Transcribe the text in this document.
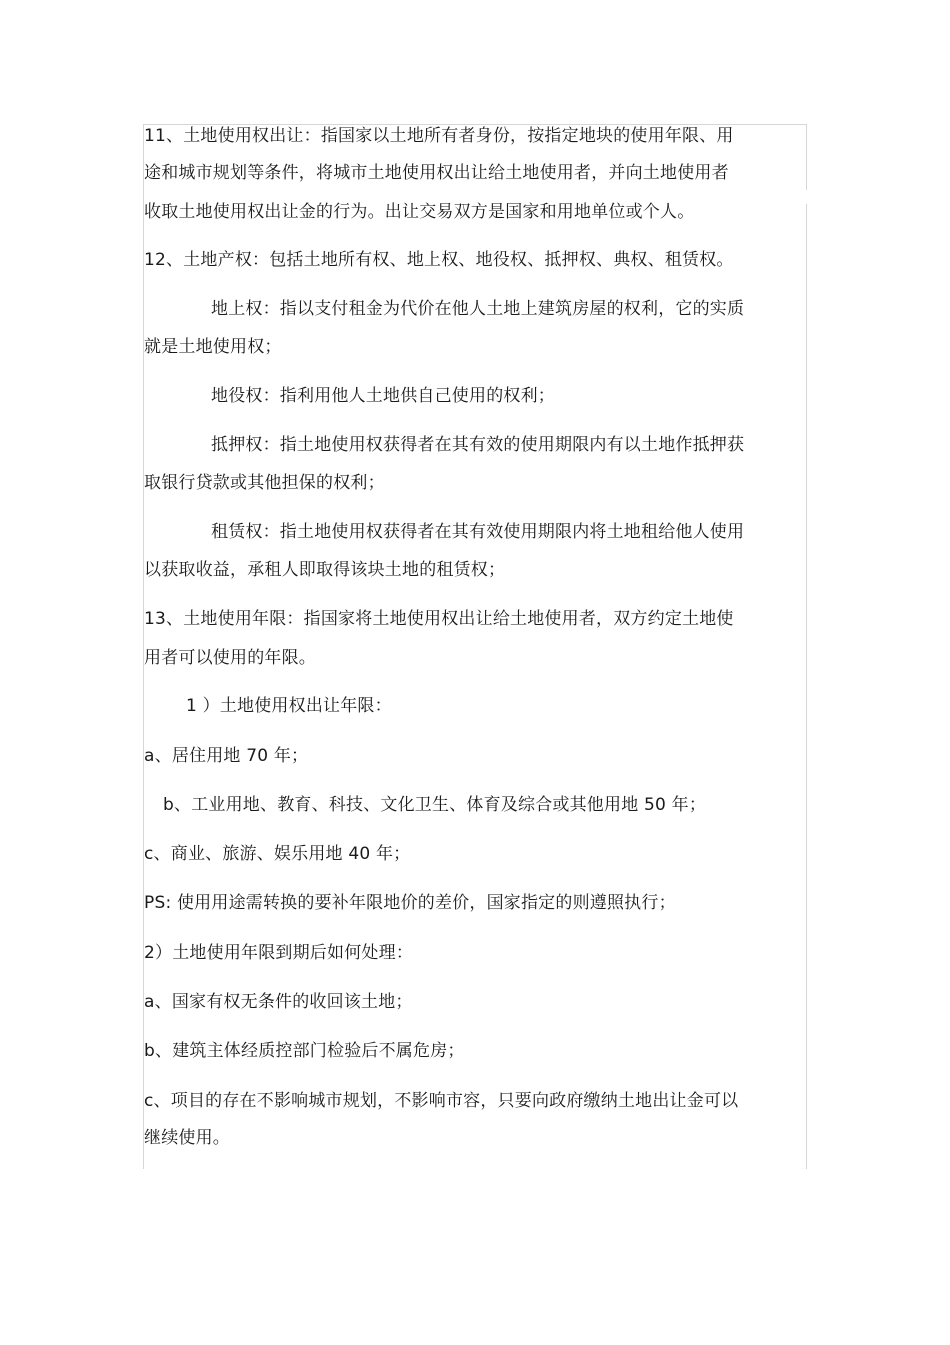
11、土地使用权出让：指国家以土地所有者身份，按指定地块的使用年限、用
途和城市规划等条件，将城市土地使用权出让给土地使用者，并向土地使用者
收取土地使用权出让金的行为。出让交易双方是国家和用地单位或个人。
12、土地产权：包括土地所有权、地上权、地役权、抵押权、典权、租赁权。
地上权：指以支付租金为代价在他人土地上建筑房屋的权利，它的实质
就是土地使用权；
地役权：指利用他人土地供自己使用的权利；
抵押权：指土地使用权获得者在其有效的使用期限内有以土地作抵押获
取银行贷款或其他担保的权利；
租赁权：指土地使用权获得者在其有效使用期限内将土地租给他人使用
以获取收益，承租人即取得该块土地的租赁权；
13、土地使用年限：指国家将土地使用权出让给土地使用者，双方约定土地使
用者可以使用的年限。
1 ）土地使用权出让年限：
a、居住用地 70 年；
b、工业用地、教育、科技、文化卫生、体育及综合或其他用地 50 年；
c、商业、旅游、娱乐用地 40 年；
PS: 使用用途需转换的要补年限地价的差价，国家指定的则遵照执行；
2）土地使用年限到期后如何处理：
a、国家有权无条件的收回该土地；
b、建筑主体经质控部门检验后不属危房；
c、项目的存在不影响城市规划，不影响市容，只要向政府缴纳土地出让金可以
继续使用。
